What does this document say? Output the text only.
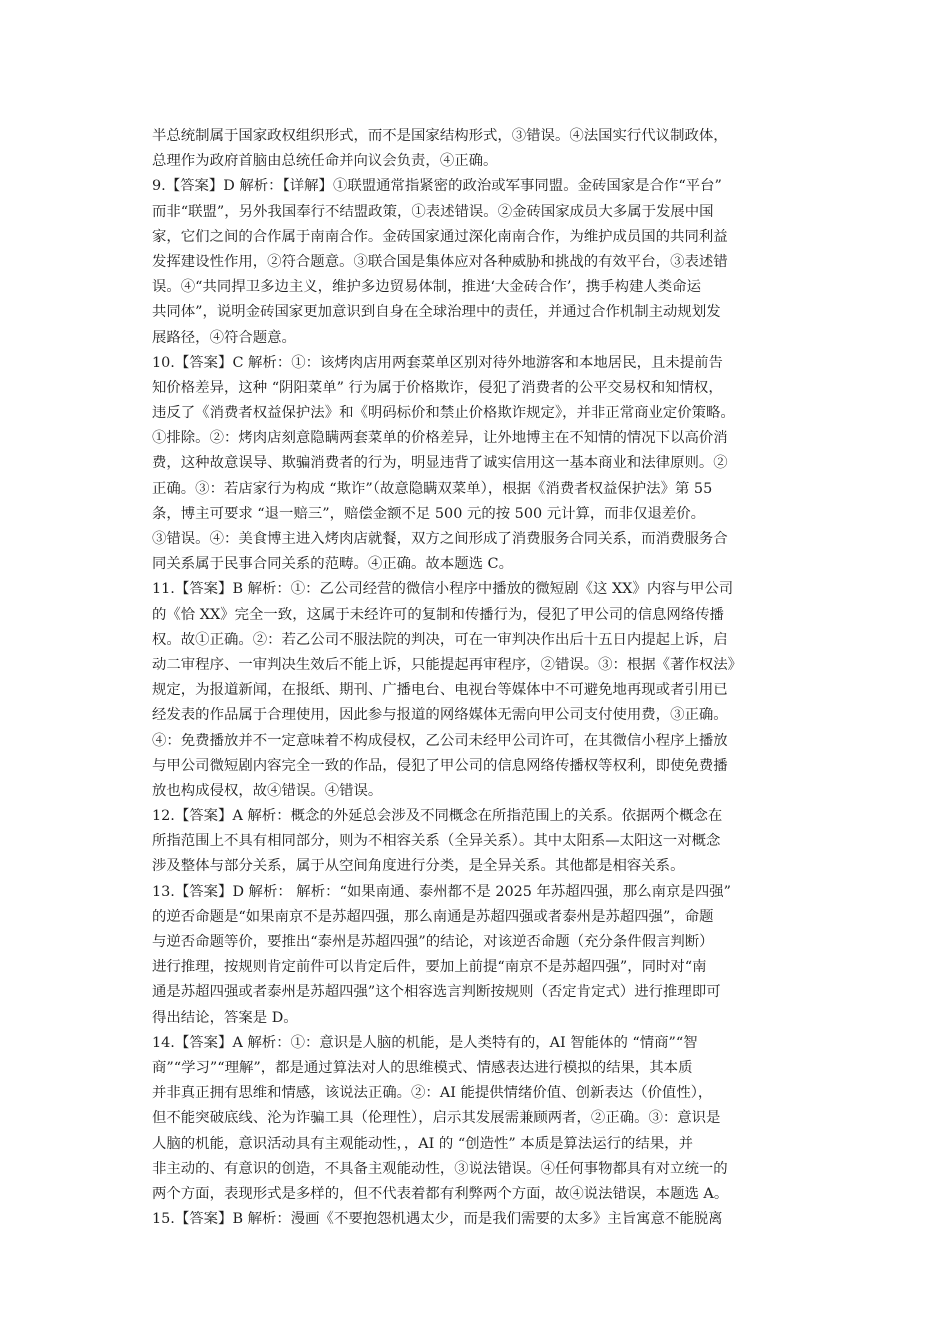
半总统制属于国家政权组织形式，而不是国家结构形式，③错误。④法国实行代议制政体，
总理作为政府首脑由总统任命并向议会负责，④正确。
9.【答案】D 解析：【详解】①联盟通常指紧密的政治或军事同盟。金砖国家是合作“平台”
而非“联盟”，另外我国奉行不结盟政策，①表述错误。②金砖国家成员大多属于发展中国
家，它们之间的合作属于南南合作。金砖国家通过深化南南合作，为维护成员国的共同利益
发挥建设性作用，②符合题意。③联合国是集体应对各种威胁和挑战的有效平台，③表述错
误。④“共同捍卫多边主义，维护多边贸易体制，推进‘大金砖合作’，携手构建人类命运
共同体”，说明金砖国家更加意识到自身在全球治理中的责任，并通过合作机制主动规划发
展路径，④符合题意。
10.【答案】C 解析：①：该烤肉店用两套菜单区别对待外地游客和本地居民，且未提前告
知价格差异，这种 “阴阳菜单” 行为属于价格欺诈，侵犯了消费者的公平交易权和知情权，
违反了《消费者权益保护法》和《明码标价和禁止价格欺诈规定》，并非正常商业定价策略。
①排除。②：烤肉店刻意隐瞒两套菜单的价格差异，让外地博主在不知情的情况下以高价消
费，这种故意误导、欺骗消费者的行为，明显违背了诚实信用这一基本商业和法律原则。②
正确。③：若店家行为构成 “欺诈”（故意隐瞒双菜单），根据《消费者权益保护法》第 55
条，博主可要求 “退一赔三”，赔偿金额不足 500 元的按 500 元计算，而非仅退差价。
③错误。④：美食博主进入烤肉店就餐，双方之间形成了消费服务合同关系，而消费服务合
同关系属于民事合同关系的范畴。④正确。故本题选 C。
11.【答案】B 解析：①：乙公司经营的微信小程序中播放的微短剧《这 XX》内容与甲公司
的《恰 XX》完全一致，这属于未经许可的复制和传播行为，侵犯了甲公司的信息网络传播
权。故①正确。②：若乙公司不服法院的判决，可在一审判决作出后十五日内提起上诉，启
动二审程序、一审判决生效后不能上诉，只能提起再审程序，②错误。③：根据《著作权法》
规定，为报道新闻，在报纸、期刊、广播电台、电视台等媒体中不可避免地再现或者引用已
经发表的作品属于合理使用，因此参与报道的网络媒体无需向甲公司支付使用费，③正确。
④：免费播放并不一定意味着不构成侵权，乙公司未经甲公司许可，在其微信小程序上播放
与甲公司微短剧内容完全一致的作品，侵犯了甲公司的信息网络传播权等权利，即使免费播
放也构成侵权，故④错误。④错误。
12.【答案】A 解析：概念的外延总会涉及不同概念在所指范围上的关系。依据两个概念在
所指范围上不具有相同部分，则为不相容关系（全异关系）。其中太阳系—太阳这一对概念
涉及整体与部分关系，属于从空间角度进行分类，是全异关系。其他都是相容关系。
13.【答案】D 解析： 解析：“如果南通、泰州都不是 2025 年苏超四强，那么南京是四强”
的逆否命题是“如果南京不是苏超四强，那么南通是苏超四强或者泰州是苏超四强”，命题
与逆否命题等价，要推出“泰州是苏超四强”的结论，对该逆否命题（充分条件假言判断）
进行推理，按规则肯定前件可以肯定后件，要加上前提“南京不是苏超四强”，同时对“南
通是苏超四强或者泰州是苏超四强”这个相容选言判断按规则（否定肯定式）进行推理即可
得出结论，答案是 D。
14.【答案】A 解析：①：意识是人脑的机能，是人类特有的，AI 智能体的 “情商”“智
商”“学习”“理解”，都是通过算法对人的思维模式、情感表达进行模拟的结果，其本质
并非真正拥有思维和情感，该说法正确。②：AI 能提供情绪价值、创新表达（价值性），
但不能突破底线、沦为诈骗工具（伦理性），启示其发展需兼顾两者，②正确。③：意识是
人脑的机能，意识活动具有主观能动性，，AI 的 “创造性” 本质是算法运行的结果，并
非主动的、有意识的创造，不具备主观能动性，③说法错误。④任何事物都具有对立统一的
两个方面，表现形式是多样的，但不代表着都有利弊两个方面，故④说法错误，本题选 A。
15.【答案】B 解析：漫画《不要抱怨机遇太少，而是我们需要的太多》主旨寓意不能脱离
